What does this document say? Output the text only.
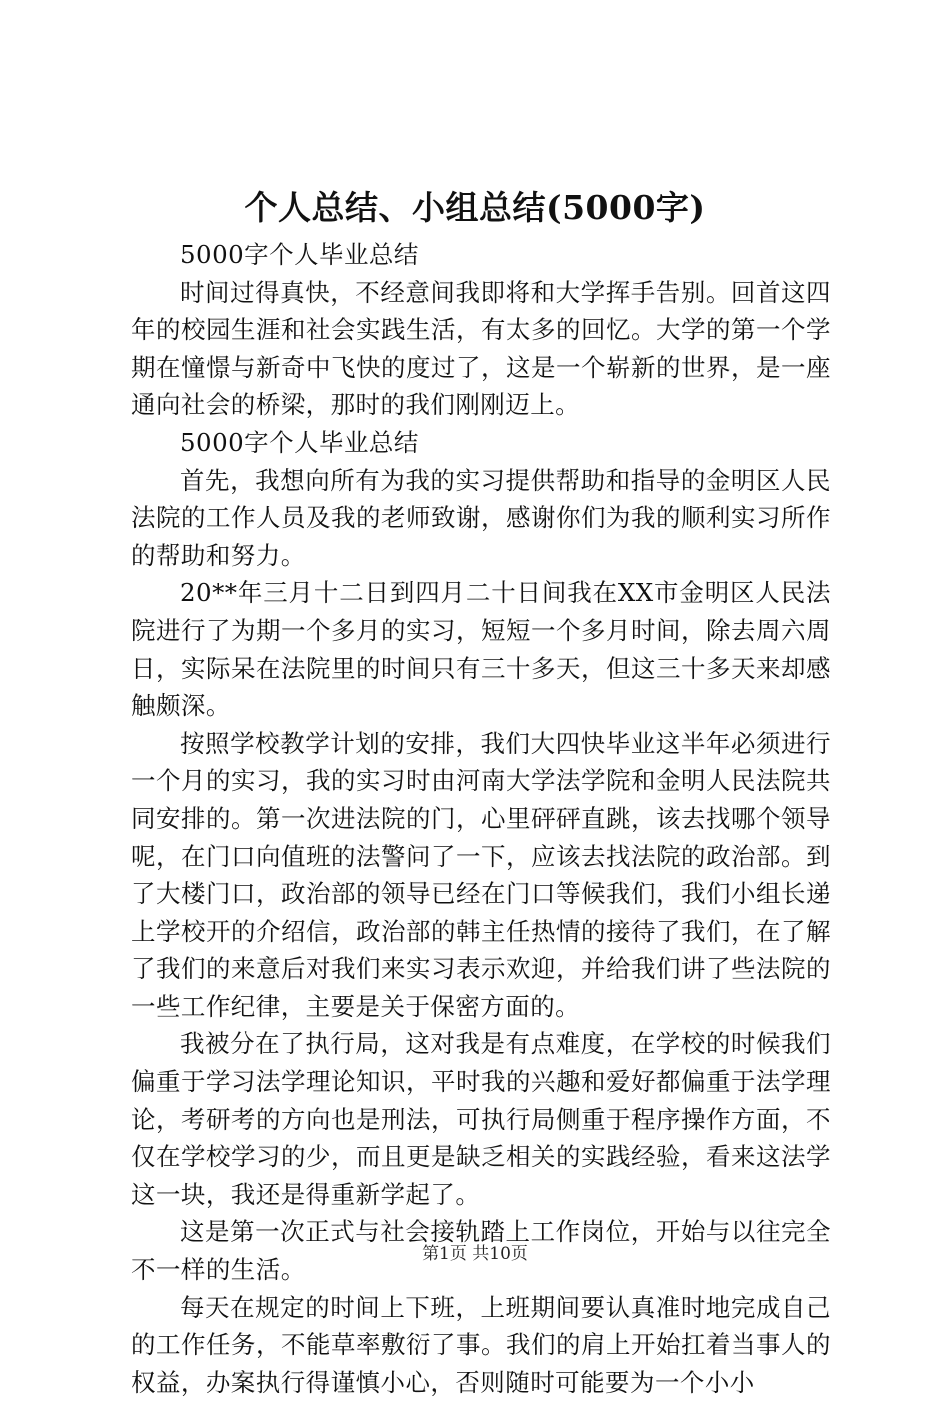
个人总结、小组总结(5000字)

5000字个人毕业总结

时间过得真快，不经意间我即将和大学挥手告别。回首这四年的校园生涯和社会实践生活，有太多的回忆。大学的第一个学期在憧憬与新奇中飞快的度过了，这是一个崭新的世界，是一座通向社会的桥梁，那时的我们刚刚迈上。

5000字个人毕业总结

首先，我想向所有为我的实习提供帮助和指导的金明区人民法院的工作人员及我的老师致谢，感谢你们为我的顺利实习所作的帮助和努力。

20**年三月十二日到四月二十日间我在XX市金明区人民法院进行了为期一个多月的实习，短短一个多月时间，除去周六周日，实际呆在法院里的时间只有三十多天，但这三十多天来却感触颇深。

按照学校教学计划的安排，我们大四快毕业这半年必须进行一个月的实习，我的实习时由河南大学法学院和金明人民法院共同安排的。第一次进法院的门，心里砰砰直跳，该去找哪个领导呢，在门口向值班的法警问了一下，应该去找法院的政治部。到了大楼门口，政治部的领导已经在门口等候我们，我们小组长递上学校开的介绍信，政治部的韩主任热情的接待了我们，在了解了我们的来意后对我们来实习表示欢迎，并给我们讲了些法院的一些工作纪律，主要是关于保密方面的。

我被分在了执行局，这对我是有点难度，在学校的时候我们偏重于学习法学理论知识，平时我的兴趣和爱好都偏重于法学理论，考研考的方向也是刑法，可执行局侧重于程序操作方面，不仅在学校学习的少，而且更是缺乏相关的实践经验，看来这法学这一块，我还是得重新学起了。

这是第一次正式与社会接轨踏上工作岗位，开始与以往完全不一样的生活。

每天在规定的时间上下班，上班期间要认真准时地完成自己的工作任务，不能草率敷衍了事。我们的肩上开始扛着当事人的权益，办案执行得谨慎小心，否则随时可能要为一个小小

第1页 共10页
